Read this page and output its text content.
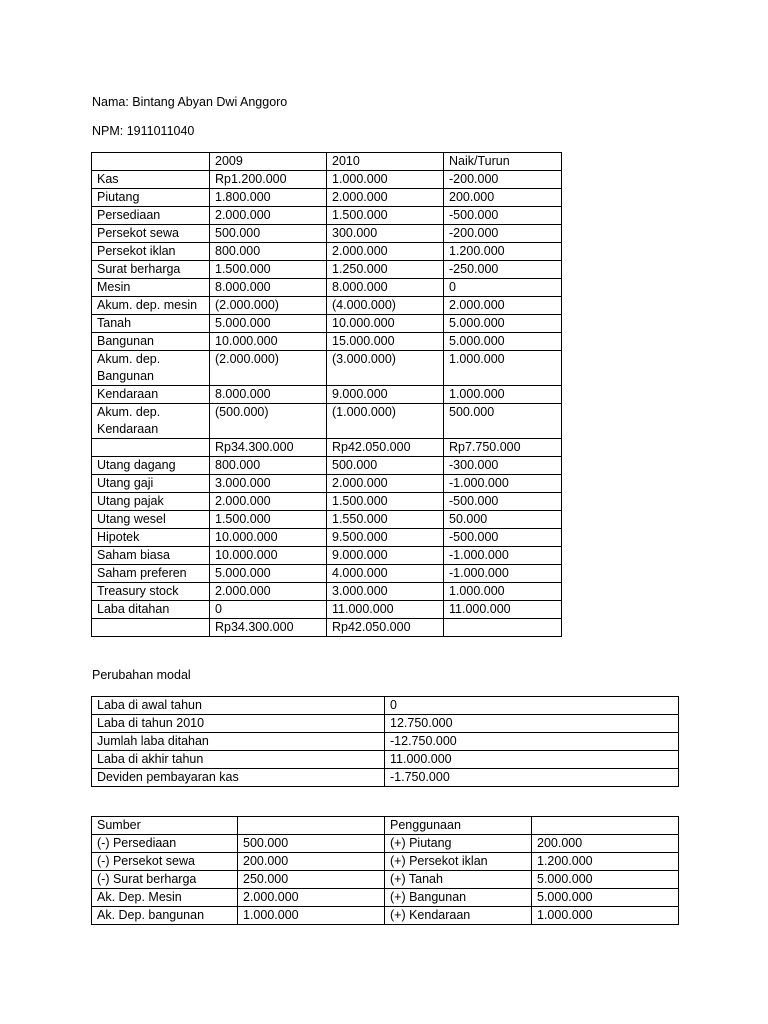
Nama: Bintang Abyan Dwi Anggoro
NPM: 1911011040
	2009	2010	Naik/Turun
Kas	Rp1.200.000	1.000.000	-200.000
Piutang	1.800.000	2.000.000	200.000
Persediaan	2.000.000	1.500.000	-500.000
Persekot sewa	500.000	300.000	-200.000
Persekot iklan	800.000	2.000.000	1.200.000
Surat berharga	1.500.000	1.250.000	-250.000
Mesin	8.000.000	8.000.000	0
Akum. dep. mesin	(2.000.000)	(4.000.000)	2.000.000
Tanah	5.000.000	10.000.000	5.000.000
Bangunan	10.000.000	15.000.000	5.000.000
Akum. dep. Bangunan	(2.000.000)	(3.000.000)	1.000.000
Kendaraan	8.000.000	9.000.000	1.000.000
Akum. dep. Kendaraan	(500.000)	(1.000.000)	500.000
	Rp34.300.000	Rp42.050.000	Rp7.750.000
Utang dagang	800.000	500.000	-300.000
Utang gaji	3.000.000	2.000.000	-1.000.000
Utang pajak	2.000.000	1.500.000	-500.000
Utang wesel	1.500.000	1.550.000	50.000
Hipotek	10.000.000	9.500.000	-500.000
Saham biasa	10.000.000	9.000.000	-1.000.000
Saham preferen	5.000.000	4.000.000	-1.000.000
Treasury stock	2.000.000	3.000.000	1.000.000
Laba ditahan	0	11.000.000	11.000.000
	Rp34.300.000	Rp42.050.000	
Perubahan modal
Laba di awal tahun	0
Laba di tahun 2010	12.750.000
Jumlah laba ditahan	-12.750.000
Laba di akhir tahun	11.000.000
Deviden pembayaran kas	-1.750.000
Sumber		Penggunaan	
(-) Persediaan	500.000	(+) Piutang	200.000
(-) Persekot sewa	200.000	(+) Persekot iklan	1.200.000
(-) Surat berharga	250.000	(+) Tanah	5.000.000
Ak. Dep. Mesin	2.000.000	(+) Bangunan	5.000.000
Ak. Dep. bangunan	1.000.000	(+) Kendaraan	1.000.000
